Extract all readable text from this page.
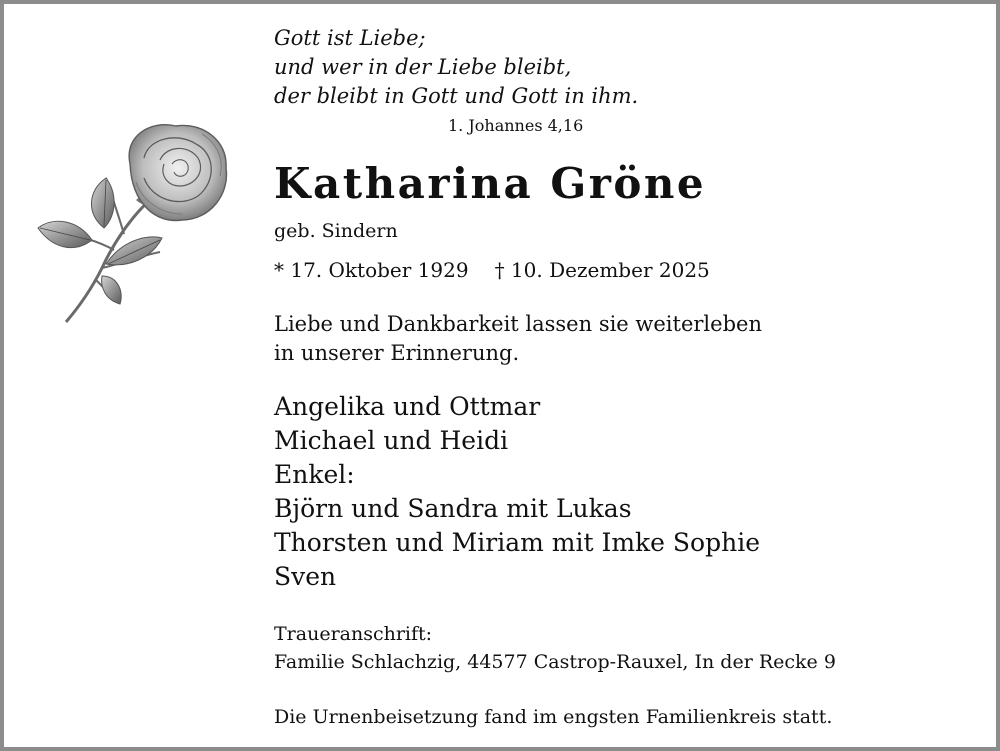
Gott ist Liebe;
und wer in der Liebe bleibt,
der bleibt in Gott und Gott in ihm.
1. Johannes 4,16
Katharina Gröne
geb. Sindern
* 17. Oktober 1929 † 10. Dezember 2025
Liebe und Dankbarkeit lassen sie weiterleben
in unserer Erinnerung.
Angelika und Ottmar
Michael und Heidi
Enkel:
Björn und Sandra mit Lukas
Thorsten und Miriam mit Imke Sophie
Sven
Traueranschrift:
Familie Schlachzig, 44577 Castrop-Rauxel, In der Recke 9
Die Urnenbeisetzung fand im engsten Familienkreis statt.
